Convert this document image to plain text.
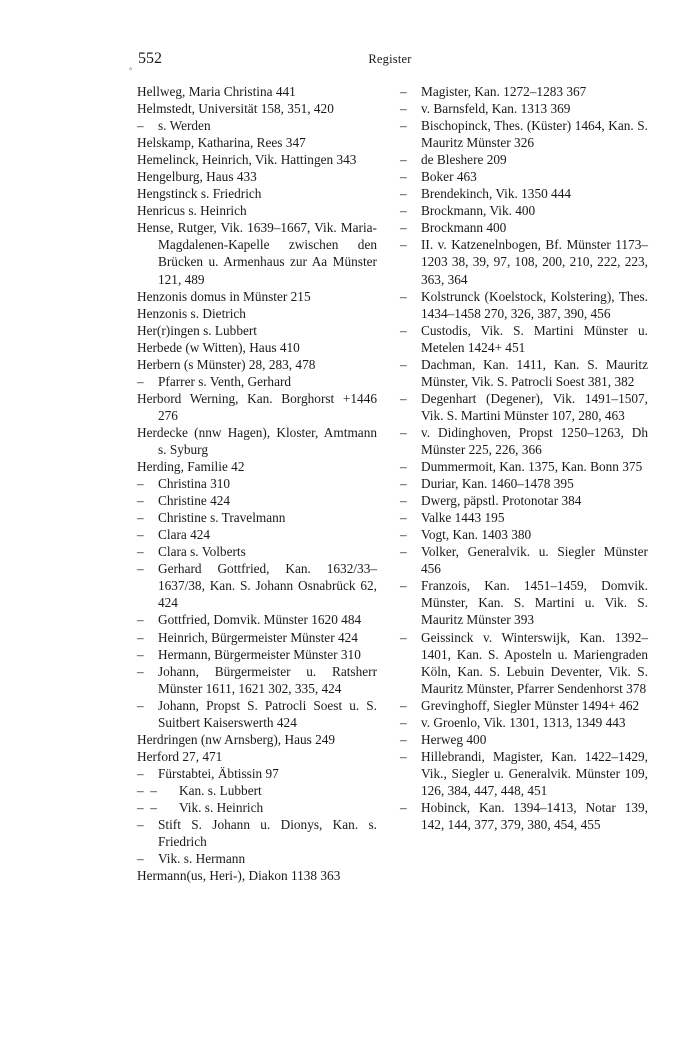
552	Register
°
Hellweg, Maria Christina 441
Helmstedt, Universität 158, 351, 420
–	s. Werden
Helskamp, Katharina, Rees 347
Hemelinck, Heinrich, Vik. Hattingen 343
Hengelburg, Haus 433
Hengstinck s. Friedrich
Henricus s. Heinrich
Hense, Rutger, Vik. 1639–1667, Vik. Maria-Magdalenen-Kapelle zwischen den Brücken u. Armenhaus zur Aa Münster 121, 489
Henzonis domus in Münster 215
Henzonis s. Dietrich
Her(r)ingen s. Lubbert
Herbede (w Witten), Haus 410
Herbern (s Münster) 28, 283, 478
–	Pfarrer s. Venth, Gerhard
Herbord Werning, Kan. Borghorst +1446 276
Herdecke (nnw Hagen), Kloster, Amtmann s. Syburg
Herding, Familie 42
–	Christina 310
–	Christine 424
–	Christine s. Travelmann
–	Clara 424
–	Clara s. Volberts
–	Gerhard Gottfried, Kan. 1632/33–1637/38, Kan. S. Johann Osnabrück 62, 424
–	Gottfried, Domvik. Münster 1620 484
–	Heinrich, Bürgermeister Münster 424
–	Hermann, Bürgermeister Münster 310
–	Johann, Bürgermeister u. Ratsherr Münster 1611, 1621 302, 335, 424
–	Johann, Propst S. Patrocli Soest u. S. Suitbert Kaiserswerth 424
Herdringen (nw Arnsberg), Haus 249
Herford 27, 471
–	Fürstabtei, Äbtissin 97
–  –	Kan. s. Lubbert
–  –	Vik. s. Heinrich
–	Stift S. Johann u. Dionys, Kan. s. Friedrich
–	Vik. s. Hermann
Hermann(us, Heri-), Diakon 1138 363
–	Magister, Kan. 1272–1283 367
–	v. Barnsfeld, Kan. 1313 369
–	Bischopinck, Thes. (Küster) 1464, Kan. S. Mauritz Münster 326
–	de Bleshere 209
–	Boker 463
–	Brendekinch, Vik. 1350 444
–	Brockmann, Vik. 400
–	Brockmann 400
–	II. v. Katzenelnbogen, Bf. Münster 1173–1203 38, 39, 97, 108, 200, 210, 222, 223, 363, 364
–	Kolstrunck (Koelstock, Kolstering), Thes. 1434–1458 270, 326, 387, 390, 456
–	Custodis, Vik. S. Martini Münster u. Metelen 1424+ 451
–	Dachman, Kan. 1411, Kan. S. Mauritz Münster, Vik. S. Patrocli Soest 381, 382
–	Degenhart (Degener), Vik. 1491–1507, Vik. S. Martini Münster 107, 280, 463
–	v. Didinghoven, Propst 1250–1263, Dh Münster 225, 226, 366
–	Dummermoit, Kan. 1375, Kan. Bonn 375
–	Duriar, Kan. 1460–1478 395
–	Dwerg, päpstl. Protonotar 384
–	Valke 1443 195
–	Vogt, Kan. 1403 380
–	Volker, Generalvik. u. Siegler Münster 456
–	Franzois, Kan. 1451–1459, Domvik. Münster, Kan. S. Martini u. Vik. S. Mauritz Münster 393
–	Geissinck v. Winterswijk, Kan. 1392–1401, Kan. S. Aposteln u. Mariengraden Köln, Kan. S. Lebuin Deventer, Vik. S. Mauritz Münster, Pfarrer Sendenhorst 378
–	Grevinghoff, Siegler Münster 1494+ 462
–	v. Groenlo, Vik. 1301, 1313, 1349 443
–	Herweg 400
–	Hillebrandi, Magister, Kan. 1422–1429, Vik., Siegler u. Generalvik. Münster 109, 126, 384, 447, 448, 451
–	Hobinck, Kan. 1394–1413, Notar 139, 142, 144, 377, 379, 380, 454, 455
